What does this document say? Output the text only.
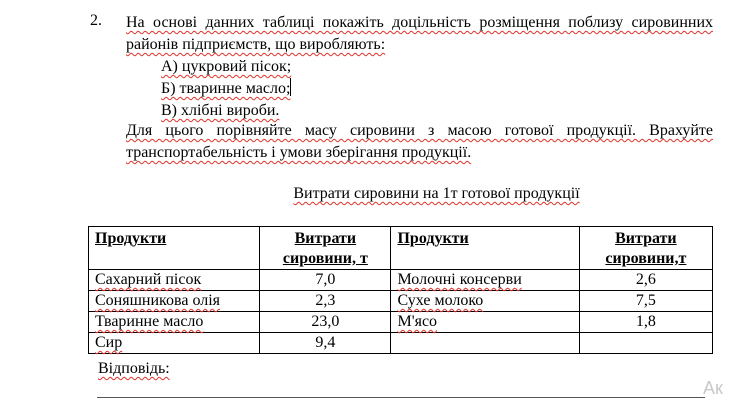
2. На основі данних таблиці покажіть доцільність розміщення поблизу сировинних районів підприємств, що виробляють:
А) цукровий пісок;
Б) тваринне масло;
В) хлібні вироби.
Для цього порівняйте масу сировини з масою готової продукції. Врахуйте транспортабельність і умови зберігання продукції.
Витрати сировини на 1т готової продукції
Продукти	Витрати сировини, т	Продукти	Витрати сировини,т
Сахарний пісок	7,0	Молочні консерви	2,6
Соняшникова олія	2,3	Сухе молоко	7,5
Тваринне масло	23,0	М'ясо	1,8
Сир	9,4		
Відповідь:
Ак
